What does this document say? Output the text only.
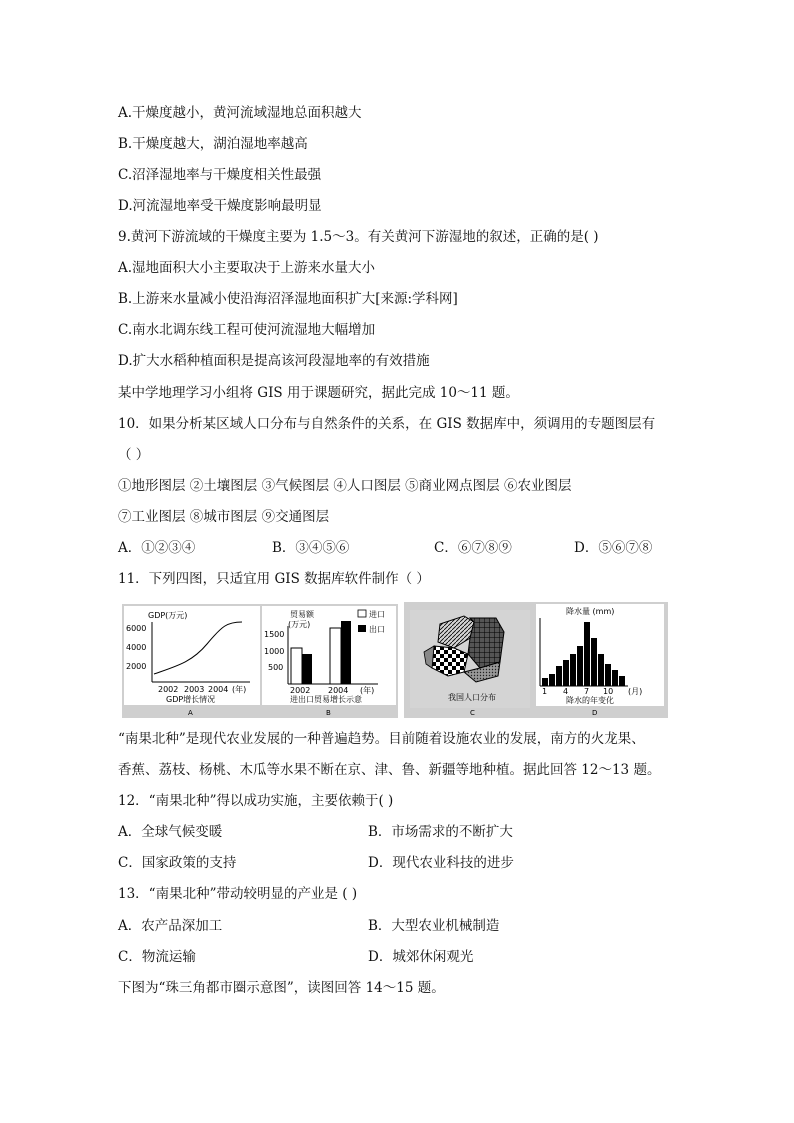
A.干燥度越小，黄河流域湿地总面积越大
B.干燥度越大，湖泊湿地率越高
C.沼泽湿地率与干燥度相关性最强
D.河流湿地率受干燥度影响最明显
9.黄河下游流域的干燥度主要为 1.5～3。有关黄河下游湿地的叙述，正确的是( )
A.湿地面积大小主要取决于上游来水量大小
B.上游来水量减小使沿海沼泽湿地面积扩大[来源:学科网]
C.南水北调东线工程可使河流湿地大幅增加
D.扩大水稻种植面积是提高该河段湿地率的有效措施
某中学地理学习小组将 GIS 用于课题研究，据此完成 10～11 题。
10．如果分析某区域人口分布与自然条件的关系，在 GIS 数据库中，须调用的专题图层有
（ ）
①地形图层 ②土壤图层 ③气候图层 ④人口图层 ⑤商业网点图层 ⑥农业图层
⑦工业图层 ⑧城市图层 ⑨交通图层
A．①②③④	B．③④⑤⑥	C．⑥⑦⑧⑨	D．⑤⑥⑦⑧
11．下列四图，只适宜用 GIS 数据库软件制作（ ）
GDP(万元)
6000
4000
2000
2002 2003 2004 (年)
GDP增长情况
A
贸易额
(万元)
进口
出口
1500
1000
500
2002 2004 (年)
进出口贸易增长示意
B
我国人口分布
C
降水量 (mm)
1 4 7 10 (月)
降水的年变化
D
“南果北种”是现代农业发展的一种普遍趋势。目前随着设施农业的发展，南方的火龙果、
香蕉、荔枝、杨桃、木瓜等水果不断在京、津、鲁、新疆等地种植。据此回答 12～13 题。
12．“南果北种”得以成功实施，主要依赖于( )
A．全球气候变暖	B．市场需求的不断扩大
C．国家政策的支持	D．现代农业科技的进步
13．“南果北种”带动较明显的产业是 ( )
A．农产品深加工	B．大型农业机械制造
C．物流运输	D．城郊休闲观光
下图为“珠三角都市圈示意图”，读图回答 14～15 题。
